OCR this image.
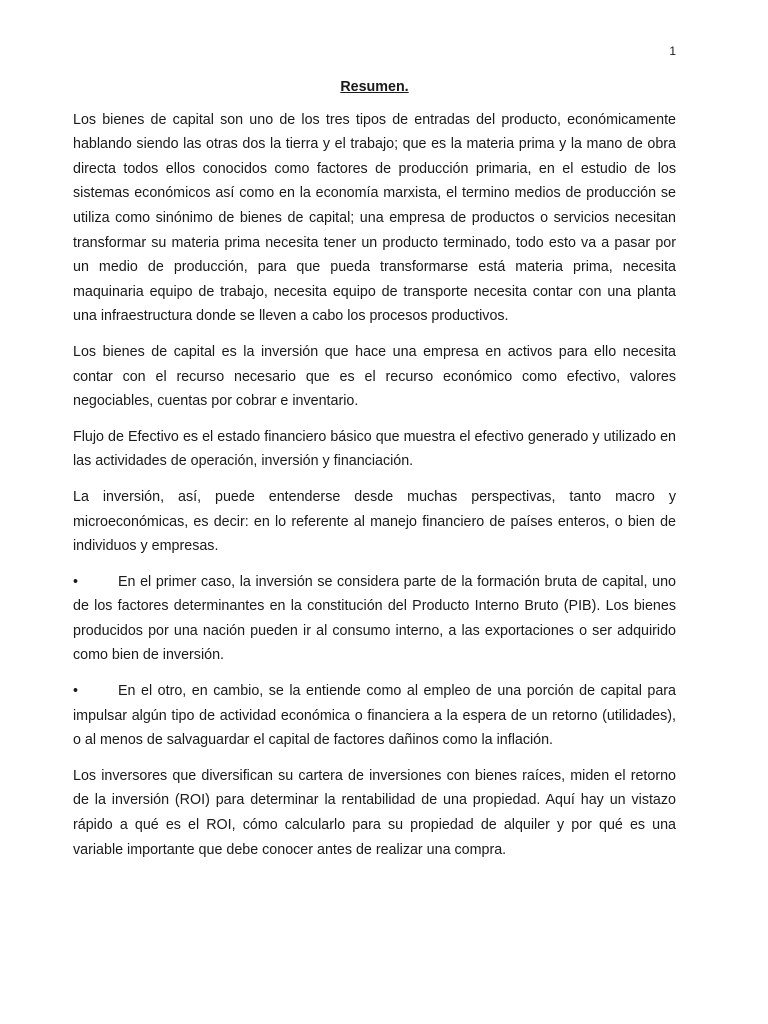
1

Resumen.

Los bienes de capital son uno de los tres tipos de entradas del producto, económicamente hablando siendo las otras dos la tierra y el trabajo; que es la materia prima y la mano de obra directa todos ellos conocidos como factores de producción primaria, en el estudio de los sistemas económicos así como en la economía marxista, el termino medios de producción se utiliza como sinónimo de bienes de capital; una empresa de productos o servicios necesitan transformar su materia prima necesita tener un producto terminado, todo esto va a pasar por un medio de producción, para que pueda transformarse está materia prima, necesita maquinaria equipo de trabajo, necesita equipo de transporte necesita contar con una planta una infraestructura donde se lleven a cabo los procesos productivos.

Los bienes de capital es la inversión que hace una empresa en activos para ello necesita contar con el recurso necesario que es el recurso económico como efectivo, valores negociables, cuentas por cobrar e inventario.

Flujo de Efectivo es el estado financiero básico que muestra el efectivo generado y utilizado en las actividades de operación, inversión y financiación.

La inversión, así, puede entenderse desde muchas perspectivas, tanto macro y microeconómicas, es decir: en lo referente al manejo financiero de países enteros, o bien de individuos y empresas.

•	En el primer caso, la inversión se considera parte de la formación bruta de capital, uno de los factores determinantes en la constitución del Producto Interno Bruto (PIB). Los bienes producidos por una nación pueden ir al consumo interno, a las exportaciones o ser adquirido como bien de inversión.

•	En el otro, en cambio, se la entiende como al empleo de una porción de capital para impulsar algún tipo de actividad económica o financiera a la espera de un retorno (utilidades), o al menos de salvaguardar el capital de factores dañinos como la inflación.

Los inversores que diversifican su cartera de inversiones con bienes raíces, miden el retorno de la inversión (ROI) para determinar la rentabilidad de una propiedad. Aquí hay un vistazo rápido a qué es el ROI, cómo calcularlo para su propiedad de alquiler y por qué es una variable importante que debe conocer antes de realizar una compra.
